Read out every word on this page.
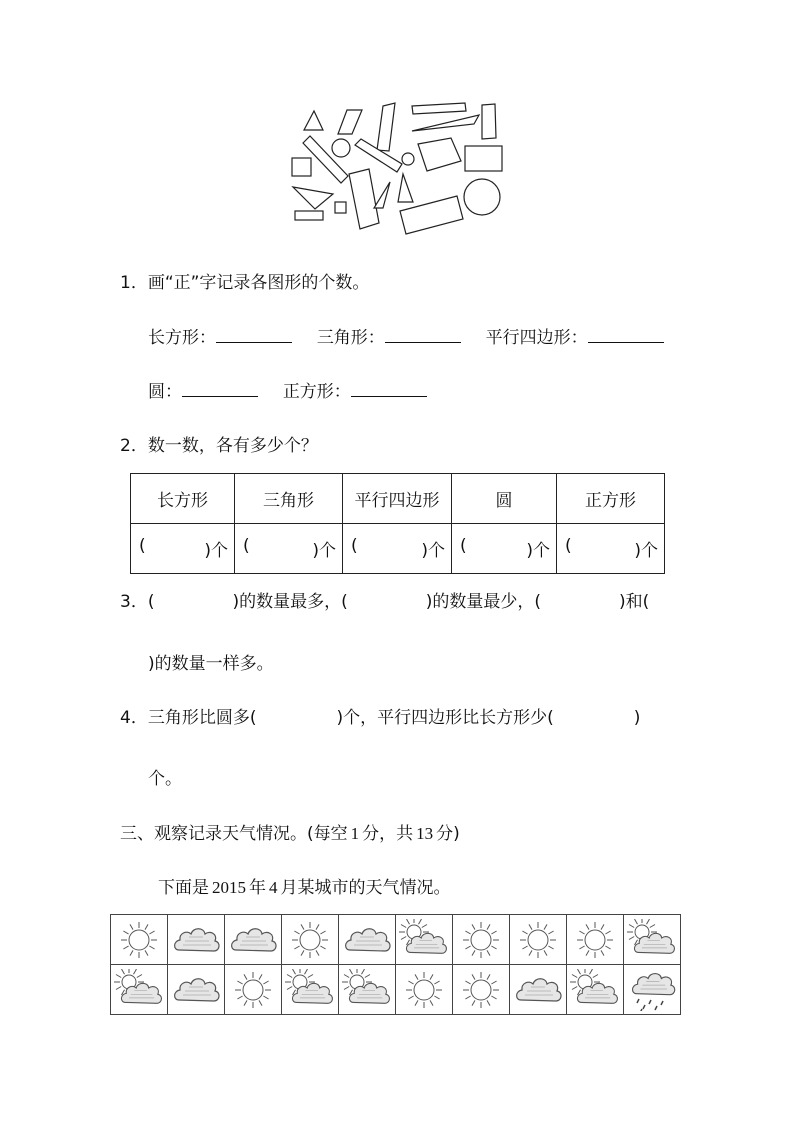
1．画“正”字记录各图形的个数。
长方形：	三角形：	平行四边形：
圆：	正方形：
2．数一数，各有多少个？
长方形	三角形	平行四边形	圆	正方形

( )个	( )个	( )个	( )个	( )个
3．(	)的数量最多，(	)的数量最少，(	)和(
)的数量一样多。
4．三角形比圆多(	)个，平行四边形比长方形少(	)
个。
三、观察记录天气情况。(每空 1 分，共 13 分)
下面是 2015 年 4 月某城市的天气情况。
